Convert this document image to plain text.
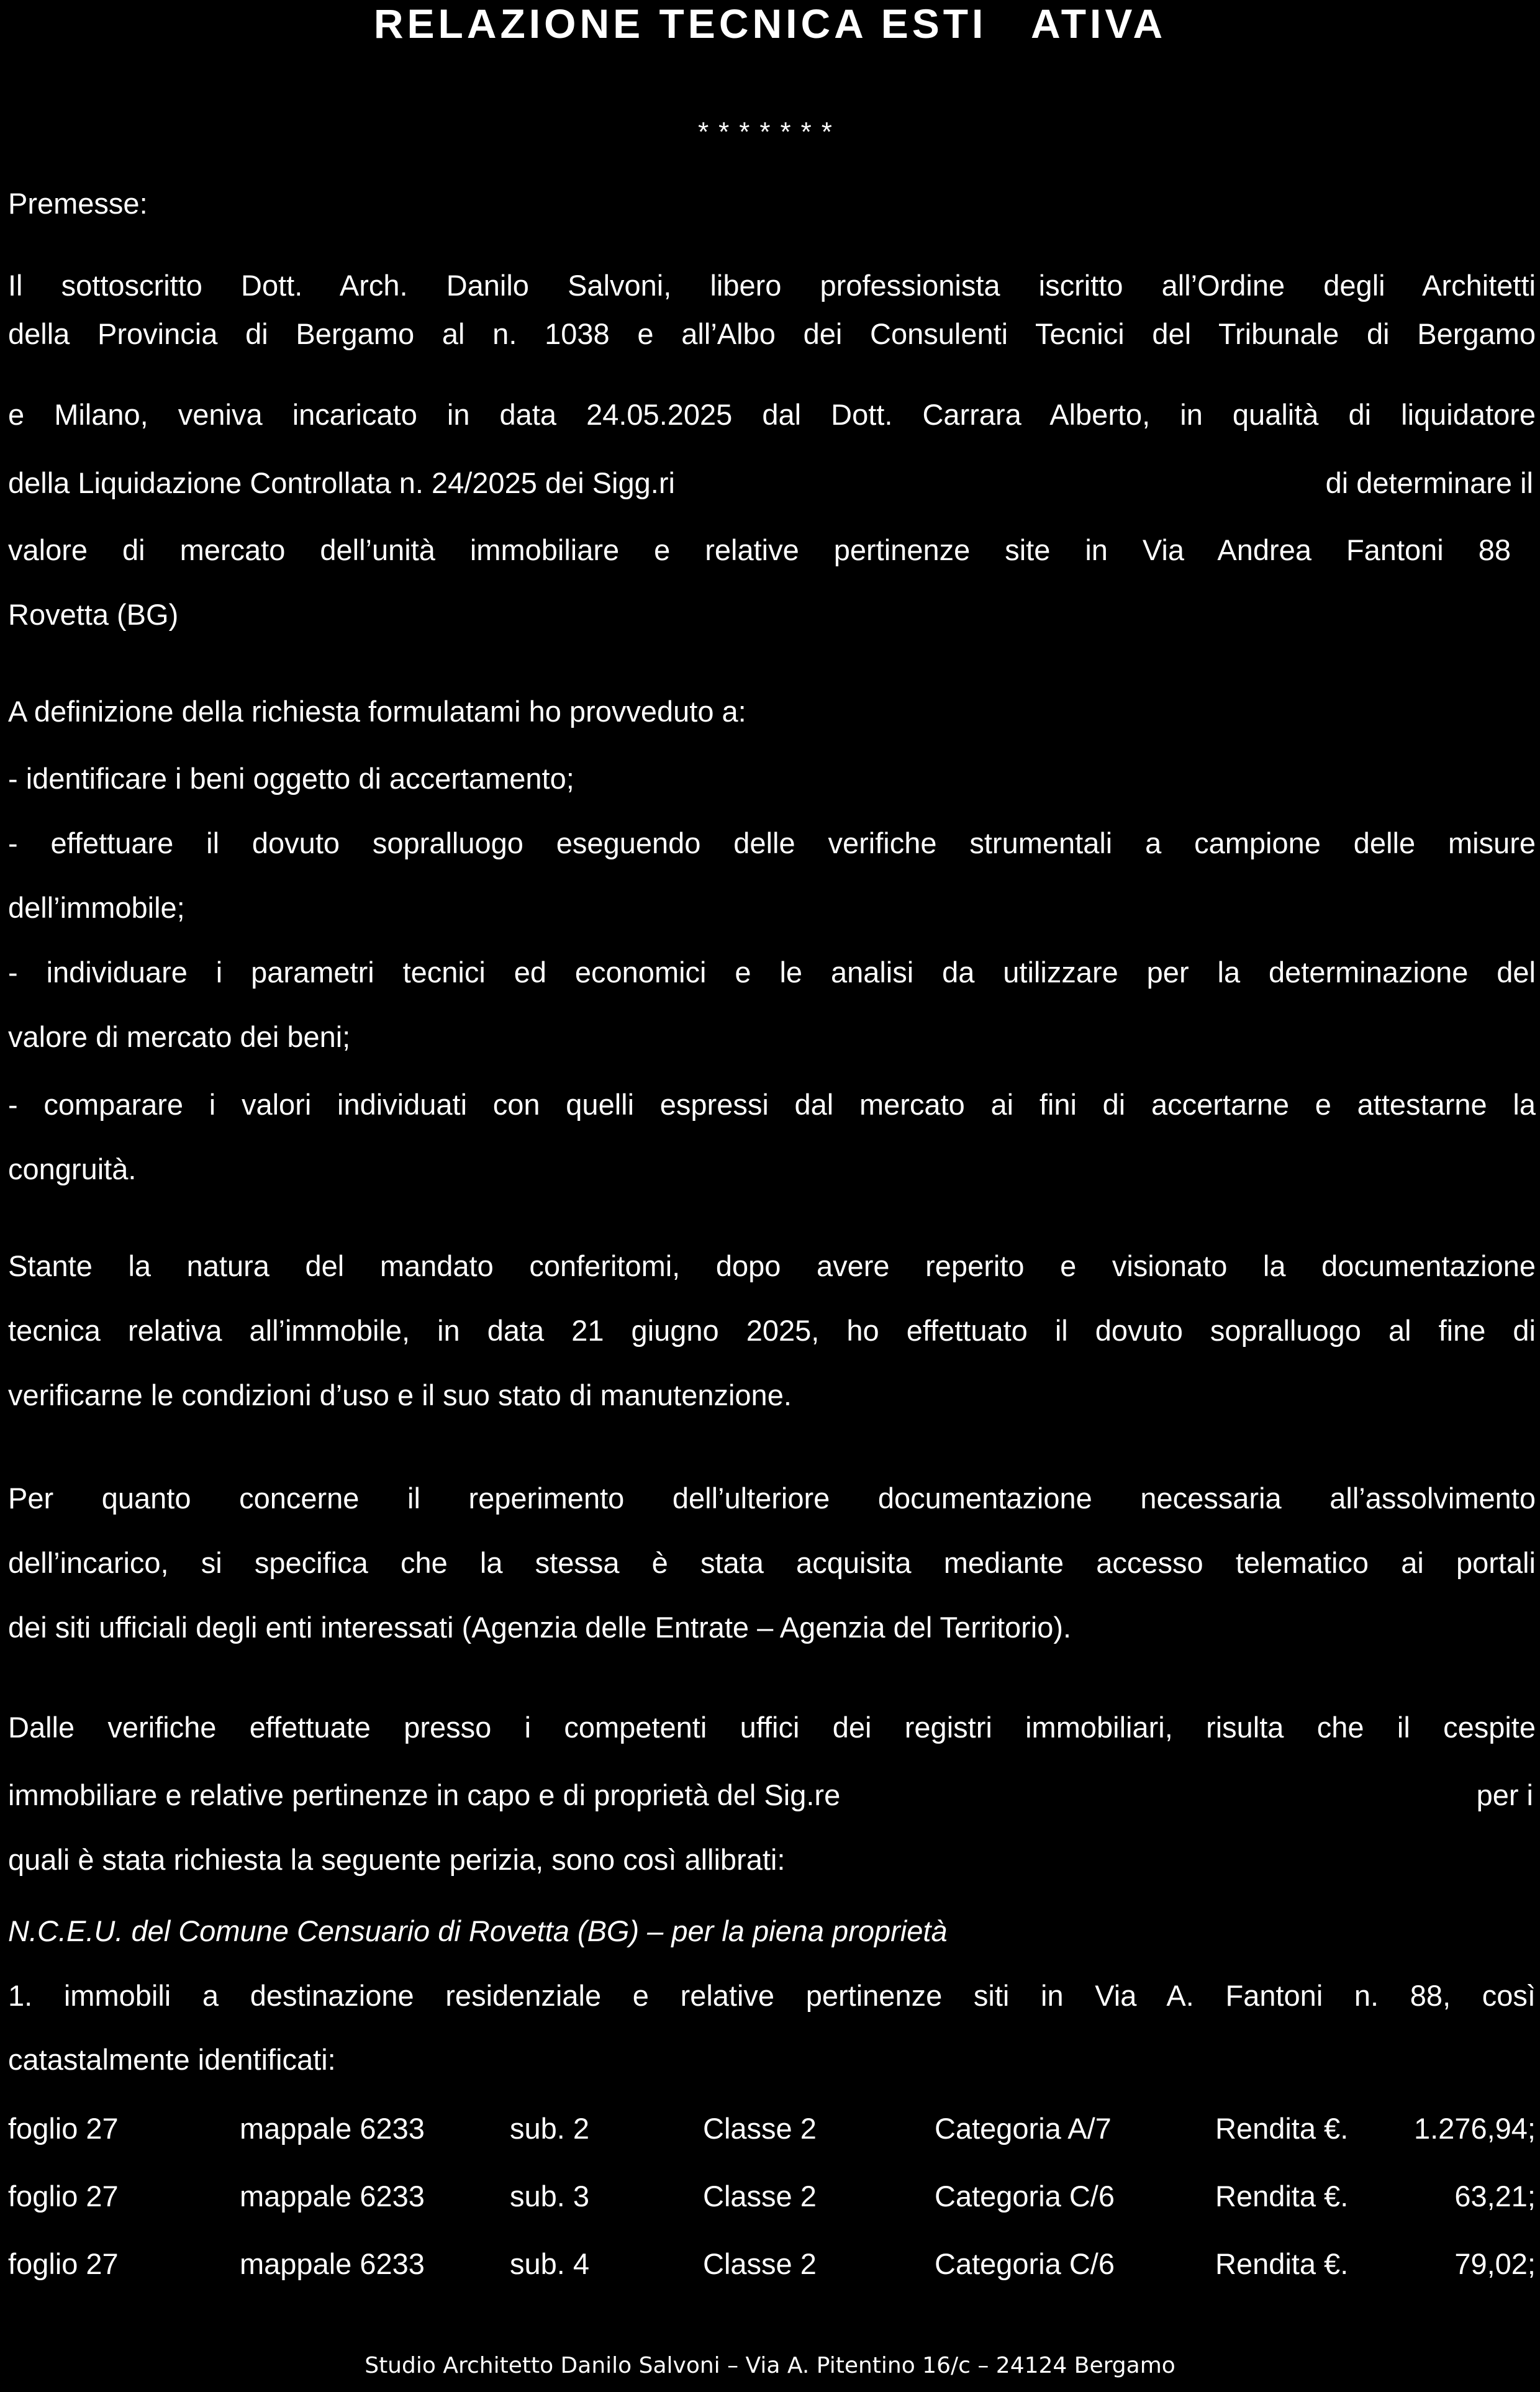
RELAZIONE TECNICA ESTI   ATIVA
*******
Premesse:
Il sottoscritto Dott. Arch. Danilo Salvoni, libero professionista iscritto all’Ordine degli Architetti
della Provincia di Bergamo al n. 1038 e all’Albo dei Consulenti Tecnici del Tribunale di Bergamo
e Milano, veniva incaricato in data 24.05.2025 dal Dott. Carrara Alberto, in qualità di liquidatore
della Liquidazione Controllata n. 24/2025 dei Sigg.ri	di determinare il
valore di mercato dell’unità immobiliare e relative pertinenze site in Via Andrea Fantoni 88
Rovetta (BG)
A definizione della richiesta formulatami ho provveduto a:
- identificare i beni oggetto di accertamento;
- effettuare il dovuto sopralluogo eseguendo delle verifiche strumentali a campione delle misure
dell’immobile;
- individuare i parametri tecnici ed economici e le analisi da utilizzare per la determinazione del
valore di mercato dei beni;
- comparare i valori individuati con quelli espressi dal mercato ai fini di accertarne e attestarne la
congruità.
Stante la natura del mandato conferitomi, dopo avere reperito e visionato la documentazione
tecnica relativa all’immobile, in data 21 giugno 2025, ho effettuato il dovuto sopralluogo al fine di
verificarne le condizioni d’uso e il suo stato di manutenzione.
Per quanto concerne il reperimento dell’ulteriore documentazione necessaria all’assolvimento
dell’incarico, si specifica che la stessa è stata acquisita mediante accesso telematico ai portali
dei siti ufficiali degli enti interessati (Agenzia delle Entrate – Agenzia del Territorio).
Dalle verifiche effettuate presso i competenti uffici dei registri immobiliari, risulta che il cespite
immobiliare e relative pertinenze in capo e di proprietà del Sig.re	per i
quali è stata richiesta la seguente perizia, sono così allibrati:
N.C.E.U. del Comune Censuario di Rovetta (BG) – per la piena proprietà
1. immobili a destinazione residenziale e relative pertinenze siti in Via A. Fantoni n. 88, così
catastalmente identificati:
foglio 27	mappale 6233	sub. 2	Classe 2	Categoria A/7	Rendita €. 1.276,94;
foglio 27	mappale 6233	sub. 3	Classe 2	Categoria C/6	Rendita €.	63,21;
foglio 27	mappale 6233	sub. 4	Classe 2	Categoria C/6	Rendita €.	79,02;
Studio Architetto Danilo Salvoni – Via A. Pitentino 16/c – 24124 Bergamo
